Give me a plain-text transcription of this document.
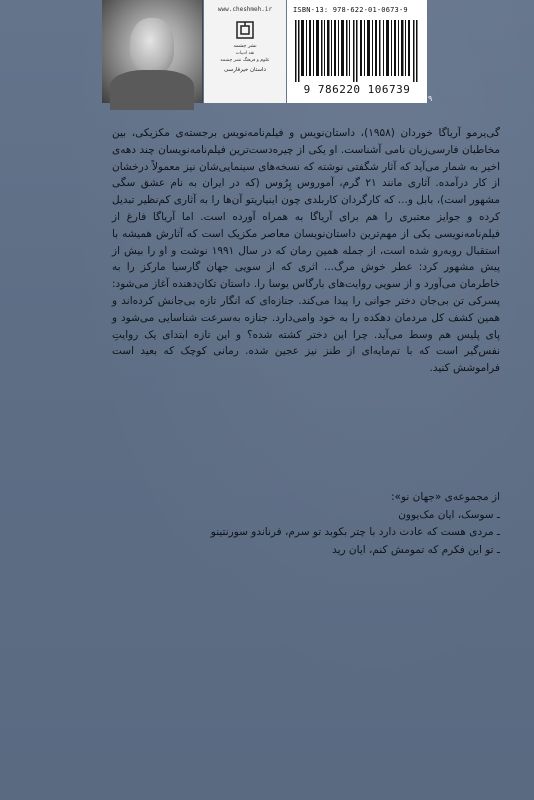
www.cheshmeh.ir
نشر چشمه
نقد ادبیات
علوم و فرهنگ نشر چشمه
داستان خیرفارسی
ISBN-13: 978-622-01-0673-9
9 786220 106739
۹
گی‌یرمو آریاگا خوردان (۱۹۵۸)، داستان‌نویس و فیلم‌نامه‌نویس برجسته‌ی مکزیکی، بین مخاطبان فارسی‌زبان نامی آشناست. او یکی از چیره‌دست‌ترین فیلم‌نامه‌نویسان چند دهه‌ی اخیر به شمار می‌آید که آثار شگفتی نوشته که نسخه‌های سینمایی‌شان نیز معمولاً درخشان از کار درآمده. آثاری مانند ۲۱ گرم، آموروس پِرُوس (که در ایران به نام عشق سگی مشهور است)، بابل و... که کارگردان کاربلدی چون اینیاریتو آن‌ها را به آثاری کم‌نظیر تبدیل کرده و جوایز معتبری را هم برای آریاگا به همراه آورده است. اما آریاگا فارغ از فیلم‌نامه‌نویسی یکی از مهم‌ترین داستان‌نویسان معاصر مکزیک است که آثارش همیشه با استقبال روبه‌رو شده است، از جمله همین رمان که در سال ۱۹۹۱ نوشت و او را بیش از پیش مشهور کرد: عطر خوش مرگ... اثری که از سویی جهان گارسیا مارکز را به خاطرمان می‌آورد و از سویی روایت‌های بارگاس یوسا را. داستان تکان‌دهنده آغاز می‌شود: پسرکی تن بی‌جان دختر جوانی را پیدا می‌کند. جنازه‌ای که انگار تازه بی‌جانش کرده‌اند و همین کشف کل مردمان دهکده را به خود وامی‌دارد. جنازه به‌سرعت شناسایی می‌شود و پای پلیس هم وسط می‌آید. چرا این دختر کشته شده؟ و این تازه ابتدای یک روایتِ نفس‌گیر است که با تم‌مایه‌ای از طنز نیز عجین شده. رمانی کوچک که بعید است فراموشش کنید.
از مجموعه‌ی «جهان نو»:
ـ سوسک، ایان مک‌یوون
ـ مردی هست که عادت دارد با چتر بکوبد تو سرم، فرناندو سورنتینو
ـ تو این فکرم که تمومش کنم، ایان رید
